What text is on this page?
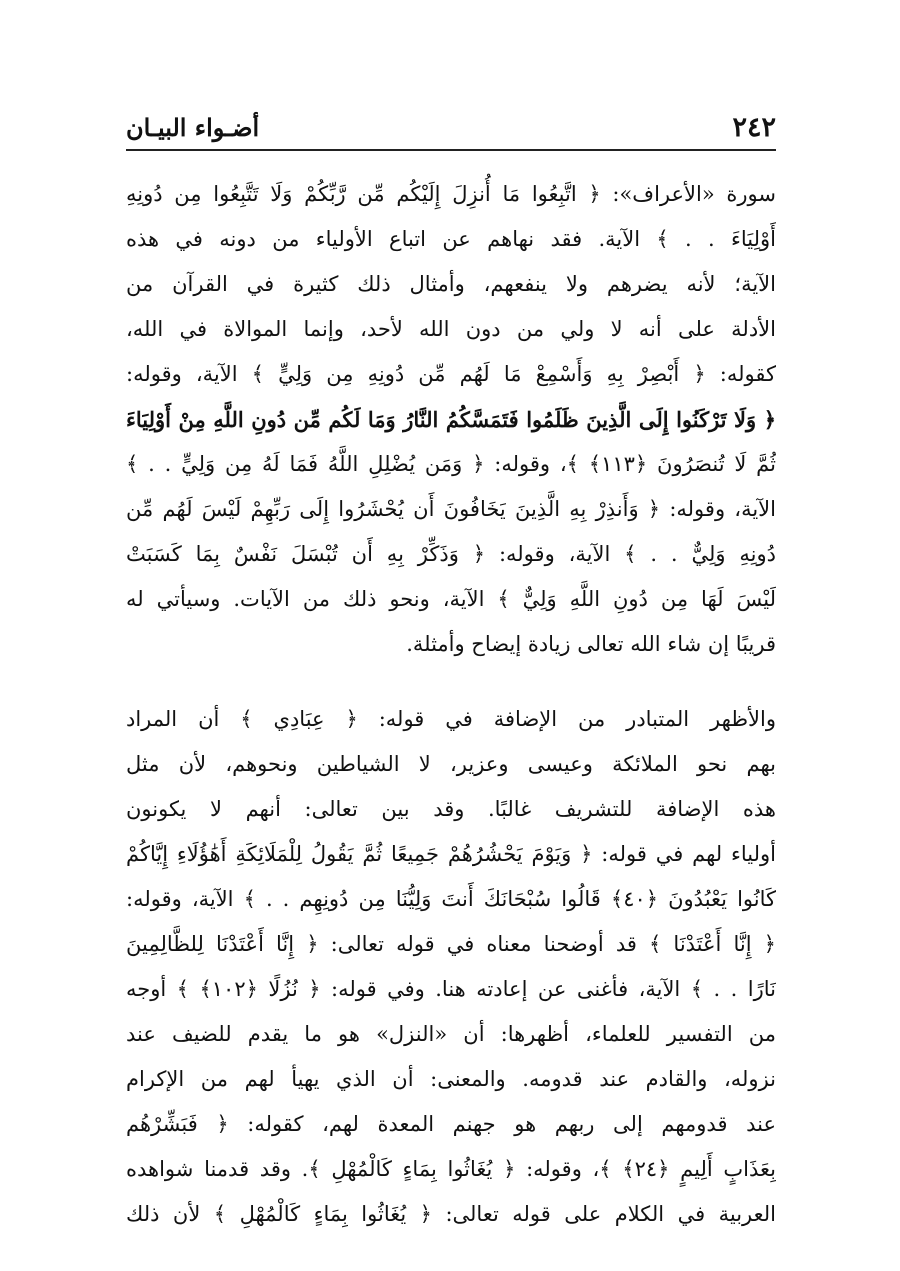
٢٤٢
أضـواء البيـان
سورة «الأعراف»: ﴿ اتَّبِعُوا مَا أُنزِلَ إِلَيْكُم مِّن رَّبِّكُمْ وَلَا تَتَّبِعُوا مِن دُونِهِ
أَوْلِيَاءَ . . ﴾ الآية. فقد نهاهم عن اتباع الأولياء من دونه في هذه
الآية؛ لأنه يضرهم ولا ينفعهم، وأمثال ذلك كثيرة في القرآن من
الأدلة على أنه لا ولي من دون الله لأحد، وإنما الموالاة في الله،
كقوله: ﴿ أَبْصِرْ بِهِ وَأَسْمِعْ مَا لَهُم مِّن دُونِهِ مِن وَلِيٍّ ﴾ الآية، وقوله:
﴿ وَلَا تَرْكَنُوا إِلَى الَّذِينَ ظَلَمُوا فَتَمَسَّكُمُ النَّارُ وَمَا لَكُم مِّن دُونِ اللَّهِ مِنْ أَوْلِيَاءَ
ثُمَّ لَا تُنصَرُونَ ﴿١١٣﴾ ﴾، وقوله: ﴿ وَمَن يُضْلِلِ اللَّهُ فَمَا لَهُ مِن وَلِيٍّ . . ﴾
الآية، وقوله: ﴿ وَأَنذِرْ بِهِ الَّذِينَ يَخَافُونَ أَن يُحْشَرُوا إِلَى رَبِّهِمْ لَيْسَ لَهُم مِّن
دُونِهِ وَلِيٌّ . . ﴾ الآية، وقوله: ﴿ وَذَكِّرْ بِهِ أَن تُبْسَلَ نَفْسٌ بِمَا كَسَبَتْ
لَيْسَ لَهَا مِن دُونِ اللَّهِ وَلِيٌّ ﴾ الآية، ونحو ذلك من الآيات. وسيأتي له
قريبًا إن شاء الله تعالى زيادة إيضاح وأمثلة.
والأظهر المتبادر من الإضافة في قوله: ﴿ عِبَادِي ﴾ أن المراد
بهم نحو الملائكة وعيسى وعزير، لا الشياطين ونحوهم، لأن مثل
هذه الإضافة للتشريف غالبًا. وقد بين تعالى: أنهم لا يكونون
أولياء لهم في قوله: ﴿ وَيَوْمَ يَحْشُرُهُمْ جَمِيعًا ثُمَّ يَقُولُ لِلْمَلَائِكَةِ أَهَٰؤُلَاءِ إِيَّاكُمْ
كَانُوا يَعْبُدُونَ ﴿٤٠﴾ قَالُوا سُبْحَانَكَ أَنتَ وَلِيُّنَا مِن دُونِهِم . . ﴾ الآية، وقوله:
﴿ إِنَّا أَعْتَدْنَا ﴾ قد أوضحنا معناه في قوله تعالى: ﴿ إِنَّا أَعْتَدْنَا لِلظَّالِمِينَ
نَارًا . . ﴾ الآية، فأغنى عن إعادته هنا. وفي قوله: ﴿ نُزُلًا ﴿١٠٢﴾ ﴾ أوجه
من التفسير للعلماء، أظهرها: أن «النزل» هو ما يقدم للضيف عند
نزوله، والقادم عند قدومه. والمعنى: أن الذي يهيأ لهم من الإكرام
عند قدومهم إلى ربهم هو جهنم المعدة لهم، كقوله: ﴿ فَبَشِّرْهُم
بِعَذَابٍ أَلِيمٍ ﴿٢٤﴾ ﴾، وقوله: ﴿ يُغَاثُوا بِمَاءٍ كَالْمُهْلِ ﴾. وقد قدمنا شواهده
العربية في الكلام على قوله تعالى: ﴿ يُغَاثُوا بِمَاءٍ كَالْمُهْلِ ﴾ لأن ذلك
